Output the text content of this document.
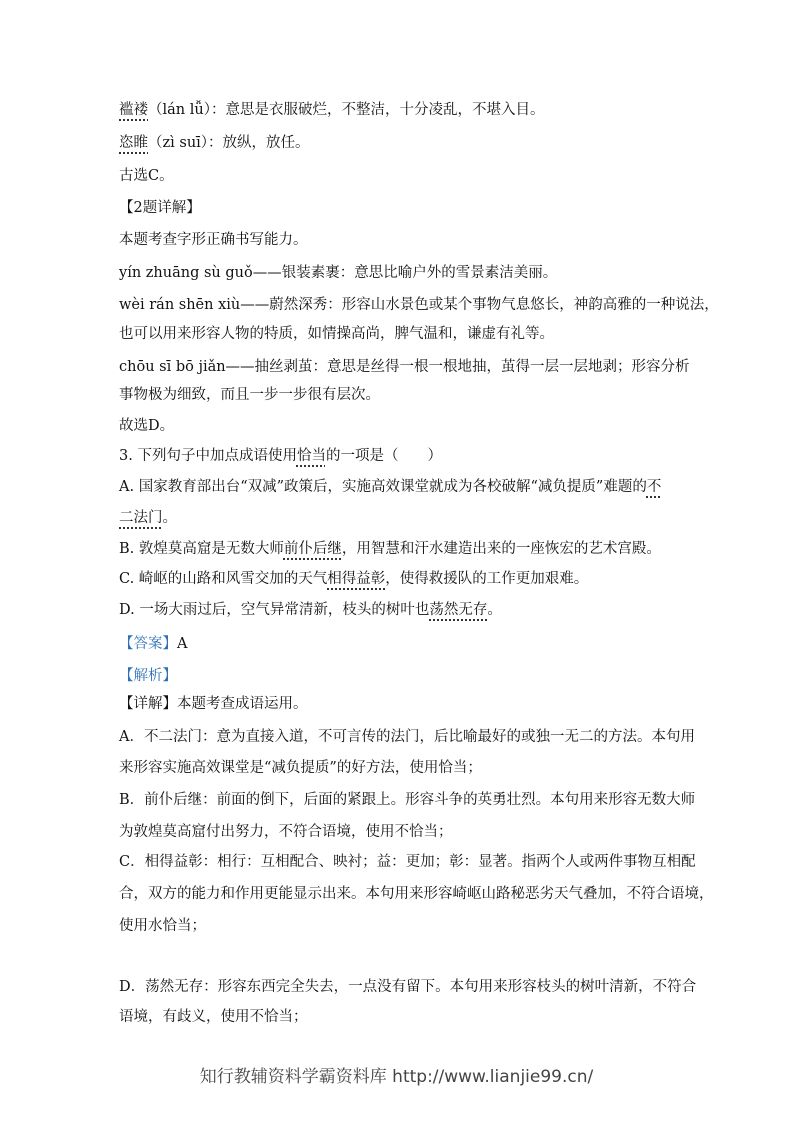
褴褛（lán lǚ）：意思是衣服破烂，不整洁，十分凌乱，不堪入目。
恣睢（zì suī）：放纵，放任。
古选C。
【2题详解】
本题考查字形正确书写能力。
yín zhuāng sù guǒ——银装素裹：意思比喻户外的雪景素洁美丽。
wèi rán shēn xiù——蔚然深秀：形容山水景色或某个事物气息悠长，神韵高雅的一种说法，
也可以用来形容人物的特质，如情操高尚，脾气温和，谦虚有礼等。
chōu sī bō jiǎn——抽丝剥茧：意思是丝得一根一根地抽，茧得一层一层地剥；形容分析
事物极为细致，而且一步一步很有层次。
故选D。
3. 下列句子中加点成语使用恰当的一项是（　　）
A. 国家教育部出台“双减”政策后，实施高效课堂就成为各校破解“减负提质”难题的不
二法门。
B. 敦煌莫高窟是无数大师前仆后继，用智慧和汗水建造出来的一座恢宏的艺术宫殿。
C. 崎岖的山路和风雪交加的天气相得益彰，使得救援队的工作更加艰难。
D. 一场大雨过后，空气异常清新，枝头的树叶也荡然无存。
【答案】A
【解析】
【详解】本题考查成语运用。
A．不二法门：意为直接入道，不可言传的法门，后比喻最好的或独一无二的方法。本句用
来形容实施高效课堂是“减负提质”的好方法，使用恰当；
B．前仆后继：前面的倒下，后面的紧跟上。形容斗争的英勇壮烈。本句用来形容无数大师
为敦煌莫高窟付出努力，不符合语境，使用不恰当；
C．相得益彰：相行：互相配合、映衬；益：更加；彰：显著。指两个人或两件事物互相配
合，双方的能力和作用更能显示出来。本句用来形容崎岖山路秘恶劣天气叠加，不符合语境，
使用水恰当；
D．荡然无存：形容东西完全失去，一点没有留下。本句用来形容枝头的树叶清新，不符合
语境，有歧义，使用不恰当；
知行教辅资料学霸资料库 http://www.lianjie99.cn/
